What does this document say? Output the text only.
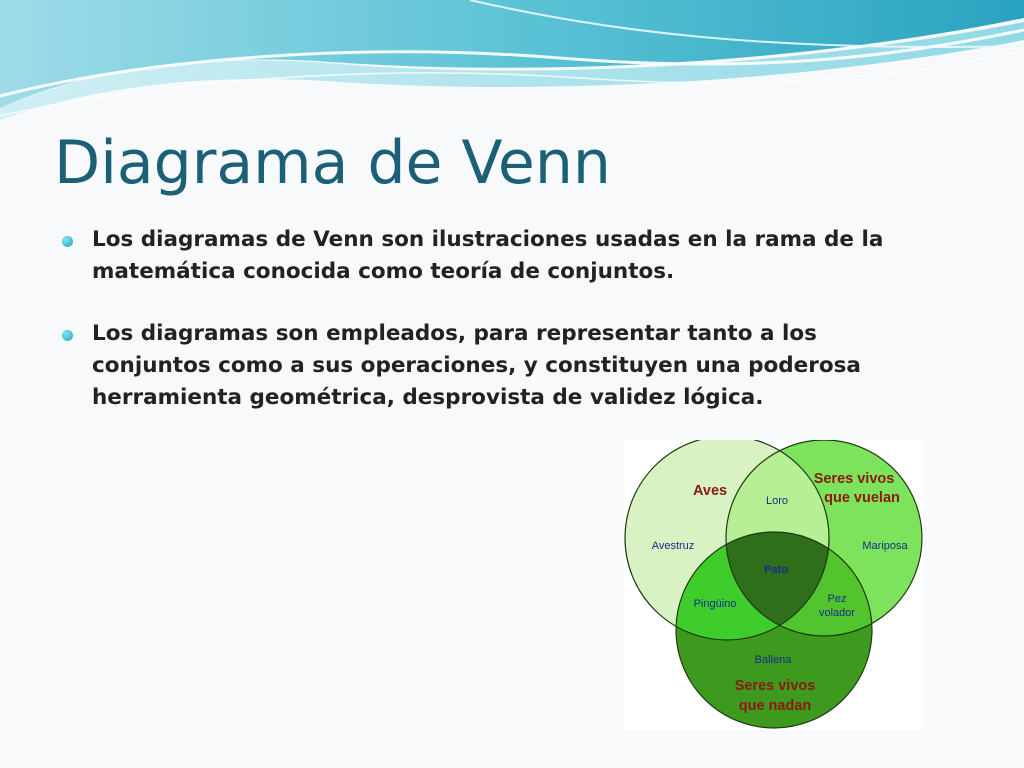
Diagrama de Venn
Los diagramas de Venn son ilustraciones usadas en la rama de la matemática conocida como teoría de conjuntos.
Los diagramas son empleados, para representar tanto a los conjuntos como a sus operaciones, y constituyen una poderosa herramienta geométrica, desprovista de validez lógica.
Aves
Seres vivos
que vuelan
Seres vivos
que nadan
Loro
Avestruz	Mariposa
Pato
Pingüino	Pez
volador
Ballena
